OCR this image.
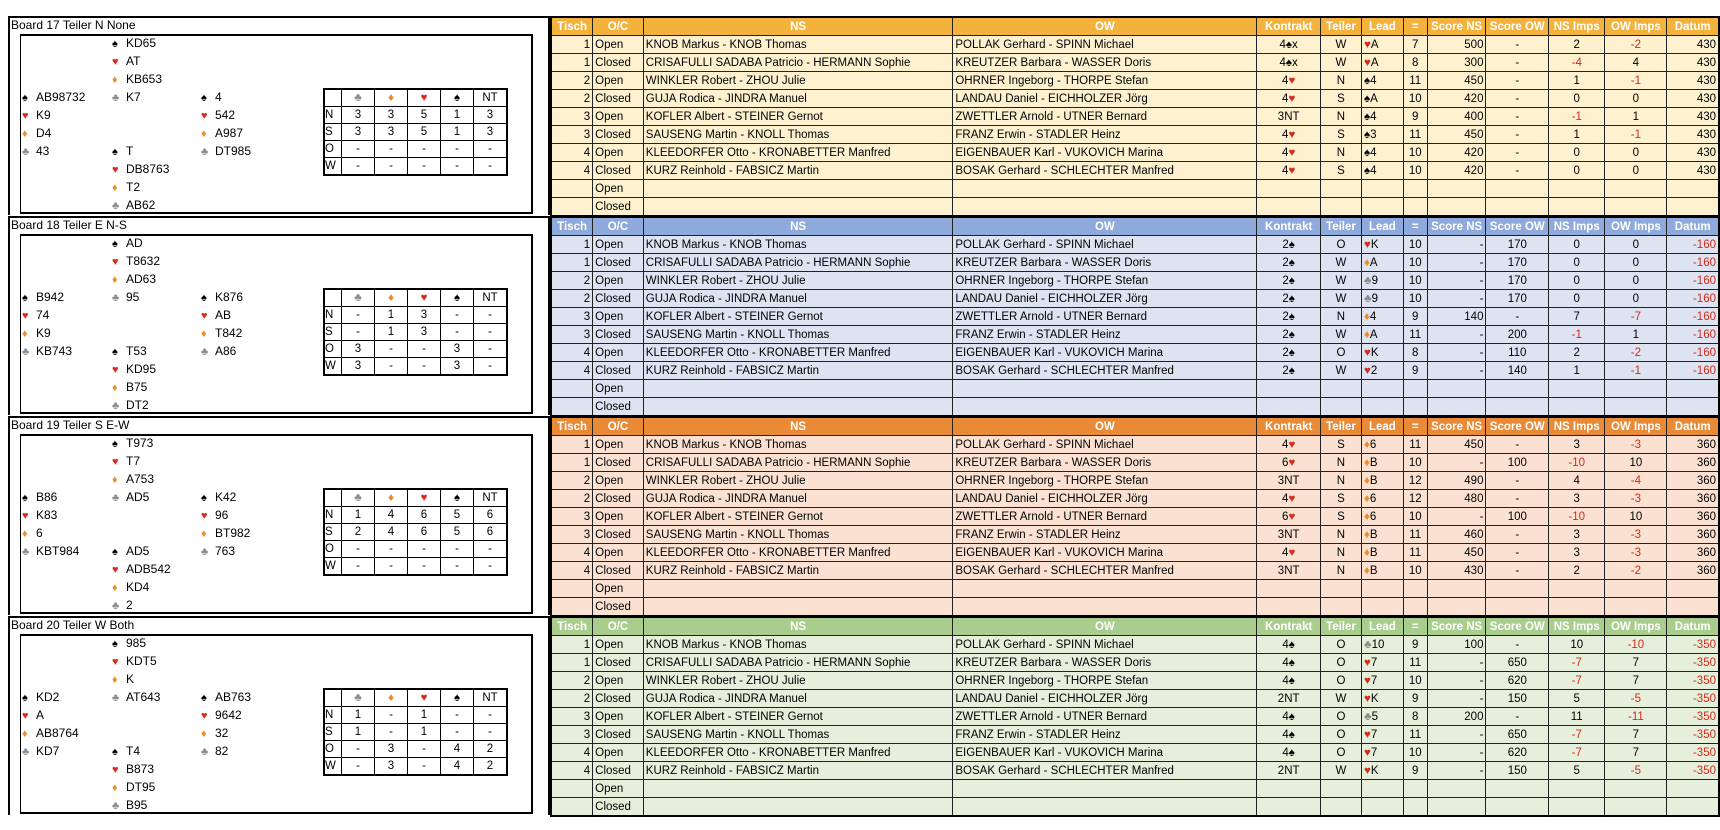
Board 17 Teiler N None
♠ KD65
♥ AT
♦ KB653
♣ K7
♠ AB98732
♥ K9
♦ D4
♣ 43
♠ 4
♥ 542
♦ A987
♣ DT985
♠ T
♥ DB8763
♦ T2
♣ AB62
	♣	♦	♥	♠	NT
N	3	3	5	1	3
S	3	3	5	1	3
O	-	-	-	-	-
W	-	-	-	-	-
Tisch	O/C	NS	OW	Kontrakt	Teiler	Lead	=	Score NS	Score OW	NS Imps	OW Imps	Datum
1	Open	KNOB Markus - KNOB Thomas	POLLAK Gerhard - SPINN Michael	4♠x	W	♥A	7	500	-	2	-2	430
1	Closed	CRISAFULLI SADABA Patricio - HERMANN Sophie	KREUTZER Barbara - WASSER Doris	4♠x	W	♥A	8	300	-	-4	4	430
2	Open	WINKLER Robert - ZHOU Julie	OHRNER Ingeborg - THORPE Stefan	4♥	N	♠4	11	450	-	1	-1	430
2	Closed	GUJA Rodica - JINDRA Manuel	LANDAU Daniel - EICHHOLZER Jörg	4♥	S	♠A	10	420	-	0	0	430
3	Open	KOFLER Albert - STEINER Gernot	ZWETTLER Arnold - UTNER Bernard	3NT	N	♠4	9	400	-	-1	1	430
3	Closed	SAUSENG Martin - KNOLL Thomas	FRANZ Erwin - STADLER Heinz	4♥	S	♠3	11	450	-	1	-1	430
4	Open	KLEEDORFER Otto - KRONABETTER Manfred	EIGENBAUER Karl - VUKOVICH Marina	4♥	N	♠4	10	420	-	0	0	430
4	Closed	KURZ Reinhold - FABSICZ Martin	BOSAK Gerhard - SCHLECHTER Manfred	4♥	S	♠4	10	420	-	0	0	430
	Open											
	Closed											
Board 18 Teiler E N-S
♠ AD
♥ T8632
♦ AD63
♣ 95
♠ B942
♥ 74
♦ K9
♣ KB743
♠ K876
♥ AB
♦ T842
♣ A86
♠ T53
♥ KD95
♦ B75
♣ DT2
	♣	♦	♥	♠	NT
N	-	1	3	-	-
S	-	1	3	-	-
O	3	-	-	3	-
W	3	-	-	3	-
Tisch	O/C	NS	OW	Kontrakt	Teiler	Lead	=	Score NS	Score OW	NS Imps	OW Imps	Datum
1	Open	KNOB Markus - KNOB Thomas	POLLAK Gerhard - SPINN Michael	2♠	O	♥K	10	-	170	0	0	-160
1	Closed	CRISAFULLI SADABA Patricio - HERMANN Sophie	KREUTZER Barbara - WASSER Doris	2♠	W	♦A	10	-	170	0	0	-160
2	Open	WINKLER Robert - ZHOU Julie	OHRNER Ingeborg - THORPE Stefan	2♠	W	♣9	10	-	170	0	0	-160
2	Closed	GUJA Rodica - JINDRA Manuel	LANDAU Daniel - EICHHOLZER Jörg	2♠	W	♣9	10	-	170	0	0	-160
3	Open	KOFLER Albert - STEINER Gernot	ZWETTLER Arnold - UTNER Bernard	2♠	N	♦4	9	140	-	7	-7	-160
3	Closed	SAUSENG Martin - KNOLL Thomas	FRANZ Erwin - STADLER Heinz	2♠	W	♦A	11	-	200	-1	1	-160
4	Open	KLEEDORFER Otto - KRONABETTER Manfred	EIGENBAUER Karl - VUKOVICH Marina	2♠	O	♥K	8	-	110	2	-2	-160
4	Closed	KURZ Reinhold - FABSICZ Martin	BOSAK Gerhard - SCHLECHTER Manfred	2♠	W	♥2	9	-	140	1	-1	-160
	Open											
	Closed											
Board 19 Teiler S E-W
♠ T973
♥ T7
♦ A753
♣ AD5
♠ B86
♥ K83
♦ 6
♣ KBT984
♠ K42
♥ 96
♦ BT982
♣ 763
♠ AD5
♥ ADB542
♦ KD4
♣ 2
	♣	♦	♥	♠	NT
N	1	4	6	5	6
S	2	4	6	5	6
O	-	-	-	-	-
W	-	-	-	-	-
Tisch	O/C	NS	OW	Kontrakt	Teiler	Lead	=	Score NS	Score OW	NS Imps	OW Imps	Datum
1	Open	KNOB Markus - KNOB Thomas	POLLAK Gerhard - SPINN Michael	4♥	S	♦6	11	450	-	3	-3	360
1	Closed	CRISAFULLI SADABA Patricio - HERMANN Sophie	KREUTZER Barbara - WASSER Doris	6♥	N	♦B	10	-	100	-10	10	360
2	Open	WINKLER Robert - ZHOU Julie	OHRNER Ingeborg - THORPE Stefan	3NT	N	♦B	12	490	-	4	-4	360
2	Closed	GUJA Rodica - JINDRA Manuel	LANDAU Daniel - EICHHOLZER Jörg	4♥	S	♦6	12	480	-	3	-3	360
3	Open	KOFLER Albert - STEINER Gernot	ZWETTLER Arnold - UTNER Bernard	6♥	S	♦6	10	-	100	-10	10	360
3	Closed	SAUSENG Martin - KNOLL Thomas	FRANZ Erwin - STADLER Heinz	3NT	N	♦B	11	460	-	3	-3	360
4	Open	KLEEDORFER Otto - KRONABETTER Manfred	EIGENBAUER Karl - VUKOVICH Marina	4♥	N	♦B	11	450	-	3	-3	360
4	Closed	KURZ Reinhold - FABSICZ Martin	BOSAK Gerhard - SCHLECHTER Manfred	3NT	N	♦B	10	430	-	2	-2	360
	Open											
	Closed											
Board 20 Teiler W Both
♠ 985
♥ KDT5
♦ K
♣ AT643
♠ KD2
♥ A
♦ AB8764
♣ KD7
♠ AB763
♥ 9642
♦ 32
♣ 82
♠ T4
♥ B873
♦ DT95
♣ B95
	♣	♦	♥	♠	NT
N	1	-	1	-	-
S	1	-	1	-	-
O	-	3	-	4	2
W	-	3	-	4	2
Tisch	O/C	NS	OW	Kontrakt	Teiler	Lead	=	Score NS	Score OW	NS Imps	OW Imps	Datum
1	Open	KNOB Markus - KNOB Thomas	POLLAK Gerhard - SPINN Michael	4♠	O	♣10	9	100	-	10	-10	-350
1	Closed	CRISAFULLI SADABA Patricio - HERMANN Sophie	KREUTZER Barbara - WASSER Doris	4♠	O	♥7	11	-	650	-7	7	-350
2	Open	WINKLER Robert - ZHOU Julie	OHRNER Ingeborg - THORPE Stefan	4♠	O	♥7	10	-	620	-7	7	-350
2	Closed	GUJA Rodica - JINDRA Manuel	LANDAU Daniel - EICHHOLZER Jörg	2NT	W	♥K	9	-	150	5	-5	-350
3	Open	KOFLER Albert - STEINER Gernot	ZWETTLER Arnold - UTNER Bernard	4♠	O	♣5	8	200	-	11	-11	-350
3	Closed	SAUSENG Martin - KNOLL Thomas	FRANZ Erwin - STADLER Heinz	4♠	O	♥7	11	-	650	-7	7	-350
4	Open	KLEEDORFER Otto - KRONABETTER Manfred	EIGENBAUER Karl - VUKOVICH Marina	4♠	O	♥7	10	-	620	-7	7	-350
4	Closed	KURZ Reinhold - FABSICZ Martin	BOSAK Gerhard - SCHLECHTER Manfred	2NT	W	♥K	9	-	150	5	-5	-350
	Open											
	Closed											
